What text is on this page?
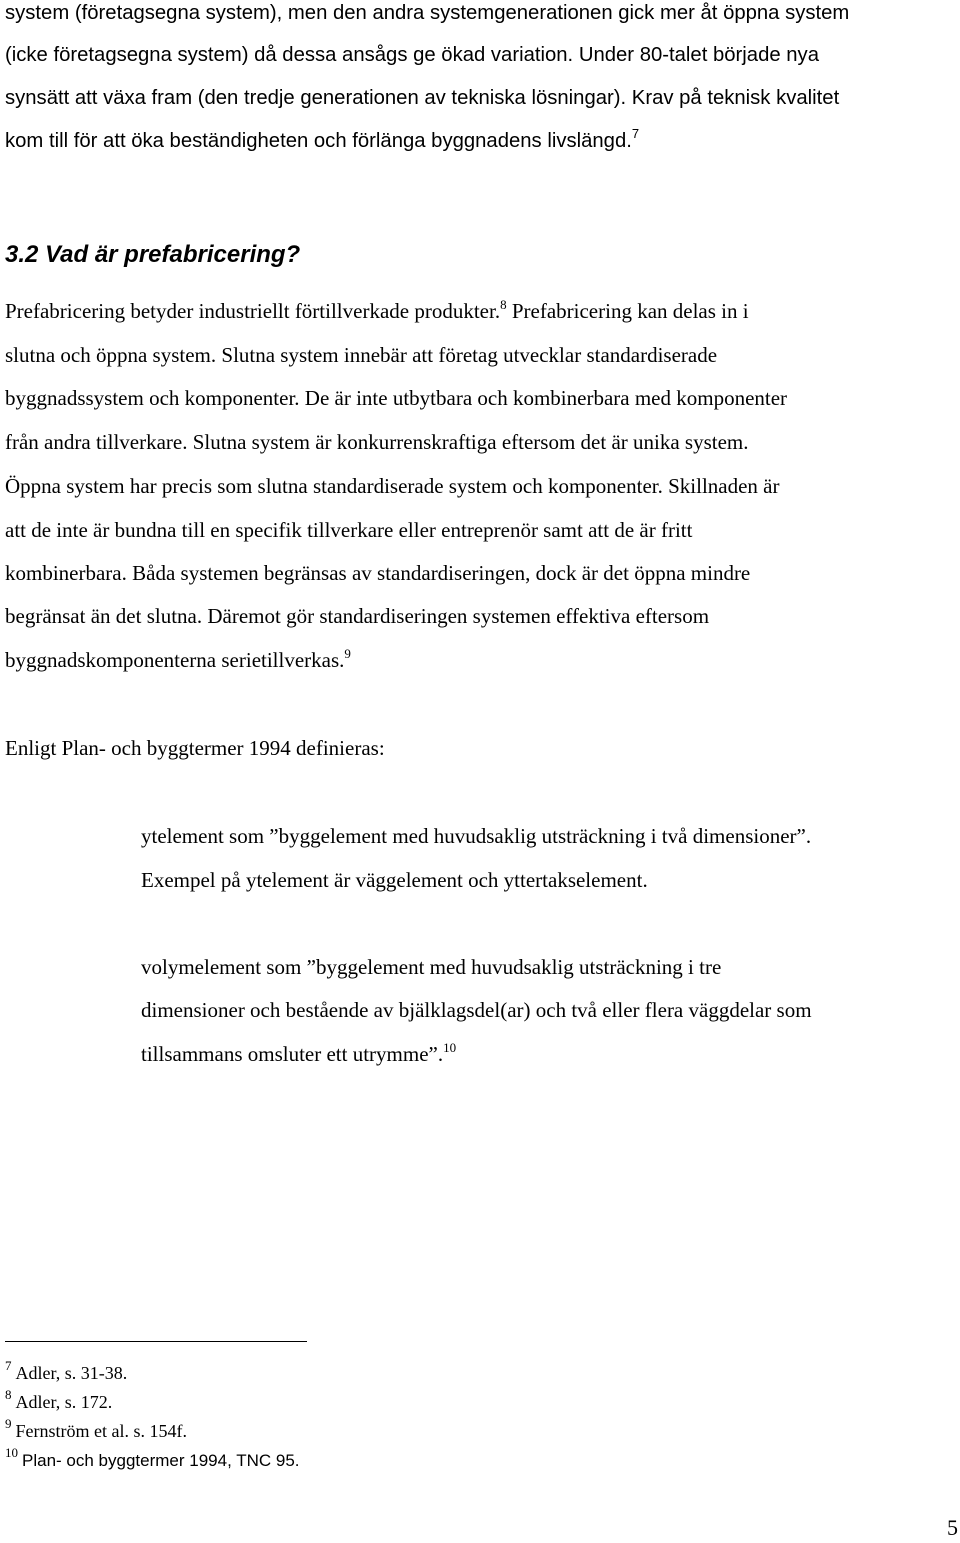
system (företagsegna system), men den andra systemgenerationen gick mer åt öppna system
(icke företagsegna system) då dessa ansågs ge ökad variation. Under 80-talet började nya
synsätt att växa fram (den tredje generationen av tekniska lösningar). Krav på teknisk kvalitet
kom till för att öka beständigheten och förlänga byggnadens livslängd.$^7$
3.2 Vad är prefabricering?
Prefabricering betyder industriellt förtillverkade produkter.$^8$ Prefabricering kan delas in i
slutna och öppna system. Slutna system innebär att företag utvecklar standardiserade
byggnadssystem och komponenter. De är inte utbytbara och kombinerbara med komponenter
från andra tillverkare. Slutna system är konkurrenskraftiga eftersom det är unika system.
Öppna system har precis som slutna standardiserade system och komponenter. Skillnaden är
att de inte är bundna till en specifik tillverkare eller entreprenör samt att de är fritt
kombinerbara. Båda systemen begränsas av standardiseringen, dock är det öppna mindre
begränsat än det slutna. Däremot gör standardiseringen systemen effektiva eftersom
byggnadskomponenterna serietillverkas.$^9$
Enligt Plan- och byggtermer 1994 definieras:
ytelement som ”byggelement med huvudsaklig utsträckning i två dimensioner”.
Exempel på ytelement är väggelement och yttertakselement.
volymelement som ”byggelement med huvudsaklig utsträckning i tre
dimensioner och bestående av bjälklagsdel(ar) och två eller flera väggdelar som
tillsammans omsluter ett utrymme”.$^{10}$
$^7$ Adler, s. 31-38.
$^8$ Adler, s. 172.
$^9$ Fernström et al. s. 154f.
$^{10}$ Plan- och byggtermer 1994, TNC 95.
5
